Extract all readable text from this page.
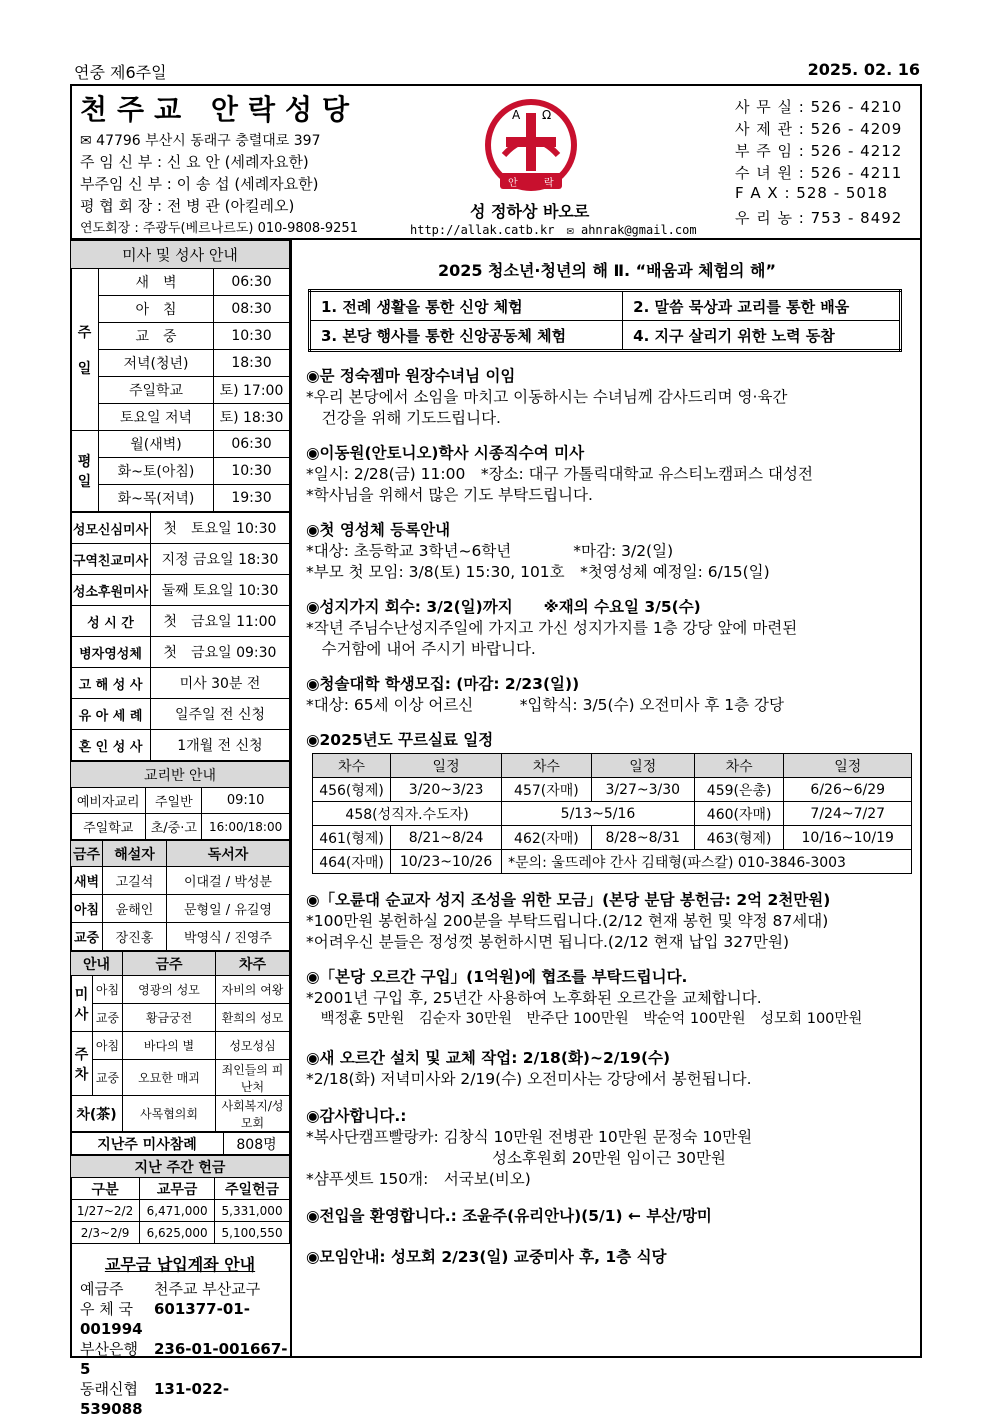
연중 제6주일	2025. 02. 16
천주교 안락성당
✉ 47796 부산시 동래구 충렬대로 397
주 임 신 부 : 신 요 안 (세례자요한)
부주임 신 부 : 이 송 섭 (세례자요한)
평 협 회 장 : 전 병 관 (아킬레오)
연도회장 : 주광두(베르나르도) 010-9808-9251
A Ω
안	락
성 정하상 바오로
http://allak.catb.kr　 ✉ ahnrak@gmail.com
사 무 실 : 526 - 4210
사 제 관 : 526 - 4209
부 주 임 : 526 - 4212
수 녀 원 : 526 - 4211
F A X : 528 - 5018
우 리 농 : 753 - 8492
미사 및 성사 안내		
주

일	새　벽	06:30
	아　침	08:30
	교　중	10:30
	저녁(청년)	18:30
	주일학교	토) 17:00
	토요일 저녁	토) 18:30
평
일	월(새벽)	06:30
	화~토(아침)	10:30
	화~목(저녁)	19:30
성모신심미사	첫　토요일 10:30
구역친교미사	지정 금요일 18:30
성소후원미사	둘째 토요일 10:30
성 시 간	첫　금요일 11:00
병자영성체	첫　금요일 09:30
고 해 성 사	미사 30분 전
유 아 세 례	일주일 전 신청
혼 인 성 사	1개월 전 신청
교리반 안내		
예비자교리	주일반	09:10
주일학교	초/중·고	16:00/18:00
금주	해설자	독서자
새벽	고길석	이대걸 / 박성분
아침	윤해인	문형일 / 유길영
교중	장진홍	박영식 / 진영주
안내		금주	차주
미
사	아침	영광의 성모	자비의 여왕
	교중	황금궁전	환희의 성모
주
차	아침	바다의 별	성모성심
	교중	오묘한 매괴	죄인들의 피난처
차(茶)		사목협의회	사회복지/성모회
지난주 미사참례	808명
지난 주간 헌금		
구분	교무금	주일헌금
1/27~2/2	6,471,000	5,331,000
2/3~2/9	6,625,000	5,100,550
교무금 납입계좌 안내
예금주 천주교 부산교구
우 체 국 601377-01-001994
부산은행 236-01-001667-5
동래신협 131-022-539088
2025 청소년·청년의 해 Ⅱ. “배움과 체험의 해”
1. 전례 생활을 통한 신앙 체험	2. 말씀 묵상과 교리를 통한 배움
3. 본당 행사를 통한 신앙공동체 체험	4. 지구 살리기 위한 노력 동참
◉문 정숙젬마 원장수녀님 이임
*우리 본당에서 소임을 마치고 이동하시는 수녀님께 감사드리며 영·육간
　건강을 위해 기도드립니다.
◉이동원(안토니오)학사 시종직수여 미사
*일시: 2/28(금) 11:00　*장소: 대구 가톨릭대학교 유스티노캠퍼스 대성전
*학사님을 위해서 많은 기도 부탁드립니다.
◉첫 영성체 등록안내
*대상: 초등학교 3학년~6학년　　　　*마감: 3/2(일)
*부모 첫 모임: 3/8(토) 15:30, 101호　*첫영성체 예정일: 6/15(일)
◉성지가지 회수: 3/2(일)까지　　※재의 수요일 3/5(수)
*작년 주님수난성지주일에 가지고 가신 성지가지를 1층 강당 앞에 마련된
　수거함에 내어 주시기 바랍니다.
◉청솔대학 학생모집: (마감: 2/23(일))
*대상: 65세 이상 어르신　　　*입학식: 3/5(수) 오전미사 후 1층 강당
◉2025년도 꾸르실료 일정
차수	일정	차수	일정	차수	일정
456(형제)	3/20~3/23	457(자매)	3/27~3/30	459(은총)	6/26~6/29
458(성직자.수도자)		5/13~5/16		460(자매)	7/24~7/27
461(형제)	8/21~8/24	462(자매)	8/28~8/31	463(형제)	10/16~10/19
464(자매)	10/23~10/26	*문의: 울뜨레야 간사 김태형(파스칼) 010-3846-3003			
◉「오륜대 순교자 성지 조성을 위한 모금」(본당 분담 봉헌금: 2억 2천만원)
*100만원 봉헌하실 200분을 부탁드립니다.(2/12 현재 봉헌 및 약정 87세대)
*어려우신 분들은 정성껏 봉헌하시면 됩니다.(2/12 현재 납입 327만원)
◉「본당 오르간 구입」(1억원)에 협조를 부탁드립니다.
*2001년 구입 후, 25년간 사용하여 노후화된 오르간을 교체합니다.
　백정훈 5만원　김순자 30만원　반주단 100만원　박순억 100만원　성모회 100만원
◉새 오르간 설치 및 교체 작업: 2/18(화)~2/19(수)
*2/18(화) 저녁미사와 2/19(수) 오전미사는 강당에서 봉헌됩니다.
◉감사합니다.:
*복사단캠프빨랑카: 김창식 10만원 전병관 10만원 문정숙 10만원
　　　　　　　　　　　　성소후원회 20만원 임이근 30만원
*샴푸셋트 150개:　서국보(비오)
◉전입을 환영합니다.: 조윤주(유리안나)(5/1) ← 부산/망미
◉모임안내: 성모회 2/23(일) 교중미사 후, 1층 식당
